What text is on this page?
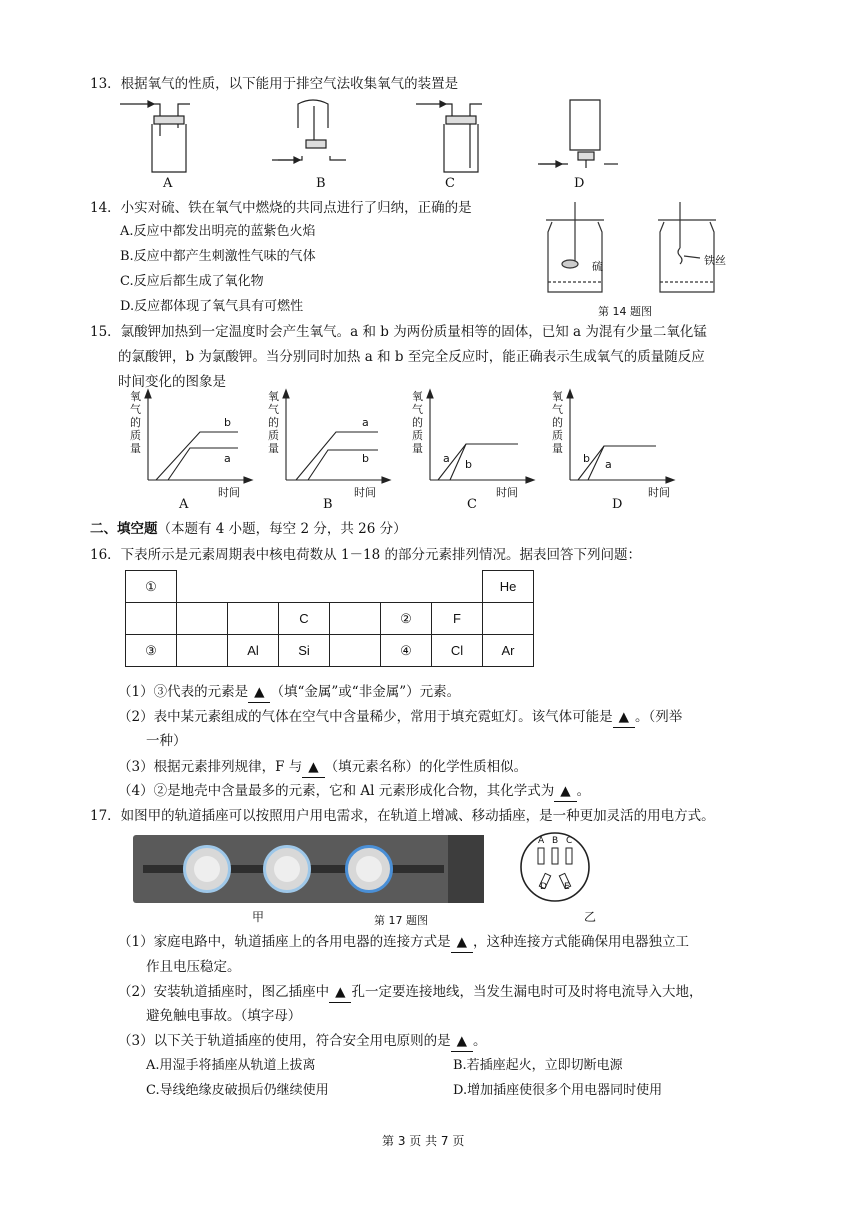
13．根据氧气的性质，以下能用于排空气法收集氧气的装置是
A	B	C	D
14．小实对硫、铁在氧气中燃烧的共同点进行了归纳，正确的是
A.反应中都发出明亮的蓝紫色火焰
B.反应中都产生刺激性气味的气体
C.反应后都生成了氧化物
D.反应都体现了氧气具有可燃性
硫	铁丝
第 14 题图
15．氯酸钾加热到一定温度时会产生氧气。a 和 b 为两份质量相等的固体，已知 a 为混有少量二氧化锰
的氯酸钾，b 为氯酸钾。当分别同时加热 a 和 b 至完全反应时，能正确表示生成氧气的质量随反应
时间变化的图象是
氧
气
的
质
量
b
a
时间
A
氧
气
的
质
量
a
b
时间
B
氧
气
的
质
量
a b
时间
C
氧
气
的
质
量
b a
时间
D
二、填空题（本题有 4 小题，每空 2 分，共 26 分）
16．下表所示是元素周期表中核电荷数从 1－18 的部分元素排列情况。据表回答下列问题：
①							He
			C		②	F	
③		Al	Si		④	Cl	Ar
（1）③代表的元素是 ▲ （填“金属”或“非金属”）元素。
（2）表中某元素组成的气体在空气中含量稀少，常用于填充霓虹灯。该气体可能是 ▲ 。（列举
一种）
（3）根据元素排列规律，F 与 ▲ （填元素名称）的化学性质相似。
（4）②是地壳中含量最多的元素，它和 Al 元素形成化合物，其化学式为 ▲ 。
17．如图甲的轨道插座可以按照用户用电需求，在轨道上增减、移动插座，是一种更加灵活的用电方式。
甲	第 17 题图	乙
A B C
D E
（1）家庭电路中，轨道插座上的各用电器的连接方式是 ▲ ，这种连接方式能确保用电器独立工
作且电压稳定。
（2）安装轨道插座时，图乙插座中 ▲ 孔一定要连接地线，当发生漏电时可及时将电流导入大地，
避免触电事故。（填字母）
（3）以下关于轨道插座的使用，符合安全用电原则的是 ▲ 。
A.用湿手将插座从轨道上拔离	B.若插座起火，立即切断电源
C.导线绝缘皮破损后仍继续使用	D.增加插座使很多个用电器同时使用
第 3 页 共 7 页
